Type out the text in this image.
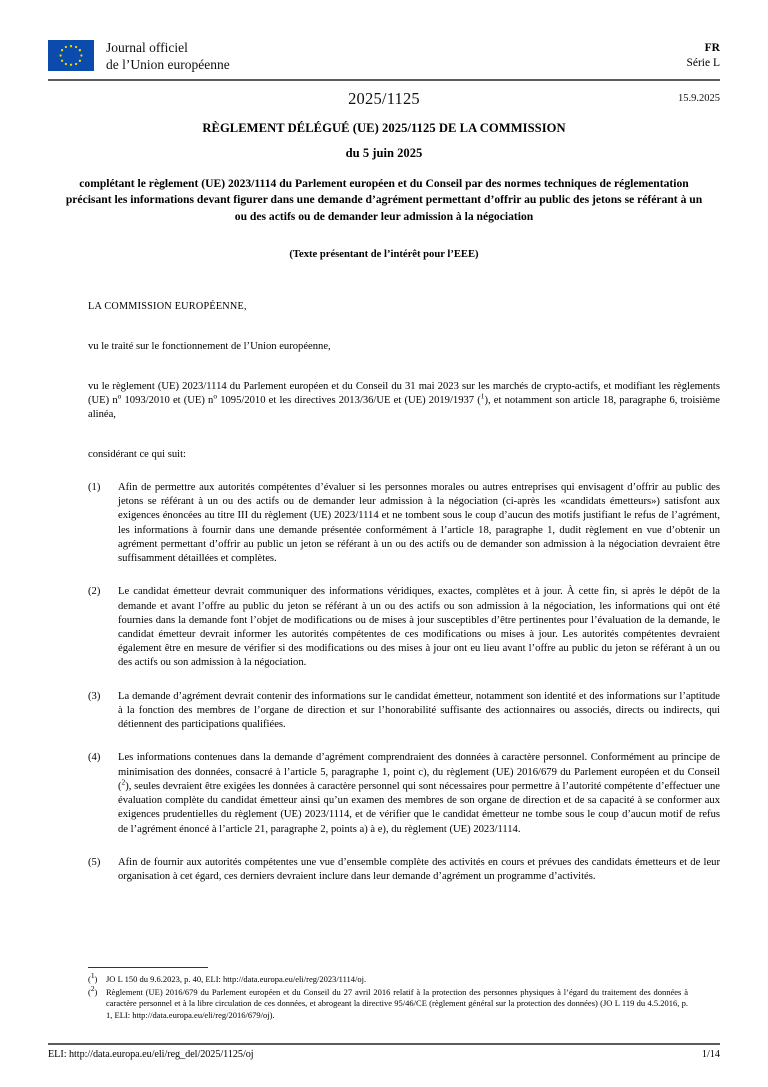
Journal officiel
de l’Union européenne
FR
Série L
2025/1125	15.9.2025
RÈGLEMENT DÉLÉGUÉ (UE) 2025/1125 DE LA COMMISSION
du 5 juin 2025
complétant le règlement (UE) 2023/1114 du Parlement européen et du Conseil par des normes techniques de réglementation précisant les informations devant figurer dans une demande d’agrément permettant d’offrir au public des jetons se référant à un ou des actifs ou de demander leur admission à la négociation
(Texte présentant de l’intérêt pour l’EEE)
LA COMMISSION EUROPÉENNE,
vu le traité sur le fonctionnement de l’Union européenne,
vu le règlement (UE) 2023/1114 du Parlement européen et du Conseil du 31 mai 2023 sur les marchés de crypto-actifs, et modifiant les règlements (UE) n$^o$ 1093/2010 et (UE) n$^o$ 1095/2010 et les directives 2013/36/UE et (UE) 2019/1937 ($^1$), et notamment son article 18, paragraphe 6, troisième alinéa,
considérant ce qui suit:
(1)	Afin de permettre aux autorités compétentes d’évaluer si les personnes morales ou autres entreprises qui envisagent d’offrir au public des jetons se référant à un ou des actifs ou de demander leur admission à la négociation (ci-après les «candidats émetteurs») satisfont aux exigences énoncées au titre III du règlement (UE) 2023/1114 et ne tombent sous le coup d’aucun des motifs justifiant le refus de l’agrément, les informations à fournir dans une demande présentée conformément à l’article 18, paragraphe 1, dudit règlement en vue d’obtenir un agrément permettant d’offrir au public un jeton se référant à un ou des actifs ou de demander son admission à la négociation devraient être suffisamment détaillées et complètes.
(2)	Le candidat émetteur devrait communiquer des informations véridiques, exactes, complètes et à jour. À cette fin, si après le dépôt de la demande et avant l’offre au public du jeton se référant à un ou des actifs ou son admission à la négociation, les informations qui ont été fournies dans la demande font l’objet de modifications ou de mises à jour susceptibles d’être pertinentes pour l’évaluation de la demande, le candidat émetteur devrait informer les autorités compétentes de ces modifications ou mises à jour. Les autorités compétentes devraient également être en mesure de vérifier si des modifications ou des mises à jour ont eu lieu avant l’offre au public du jeton se référant à un ou des actifs ou son admission à la négociation.
(3)	La demande d’agrément devrait contenir des informations sur le candidat émetteur, notamment son identité et des informations sur l’aptitude à la fonction des membres de l’organe de direction et sur l’honorabilité suffisante des actionnaires ou associés, directs ou indirects, qui détiennent des participations qualifiées.
(4)	Les informations contenues dans la demande d’agrément comprendraient des données à caractère personnel. Conformément au principe de minimisation des données, consacré à l’article 5, paragraphe 1, point c), du règlement (UE) 2016/679 du Parlement européen et du Conseil ($^2$), seules devraient être exigées les données à caractère personnel qui sont nécessaires pour permettre à l’autorité compétente d’effectuer une évaluation complète du candidat émetteur ainsi qu’un examen des membres de son organe de direction et de sa capacité à se conformer aux exigences prudentielles du règlement (UE) 2023/1114, et de vérifier que le candidat émetteur ne tombe sous le coup d’aucun motif de refus de l’agrément énoncé à l’article 21, paragraphe 2, points a) à e), du règlement (UE) 2023/1114.
(5)	Afin de fournir aux autorités compétentes une vue d’ensemble complète des activités en cours et prévues des candidats émetteurs et de leur organisation à cet égard, ces derniers devraient inclure dans leur demande d’agrément un programme d’activités.
($^1$)	JO L 150 du 9.6.2023, p. 40, ELI: http://data.europa.eu/eli/reg/2023/1114/oj.
($^2$)	Règlement (UE) 2016/679 du Parlement européen et du Conseil du 27 avril 2016 relatif à la protection des personnes physiques à l’égard du traitement des données à caractère personnel et à la libre circulation de ces données, et abrogeant la directive 95/46/CE (règlement général sur la protection des données) (JO L 119 du 4.5.2016, p. 1, ELI: http://data.europa.eu/eli/reg/2016/679/oj).
ELI: http://data.europa.eu/eli/reg_del/2025/1125/oj	1/14
